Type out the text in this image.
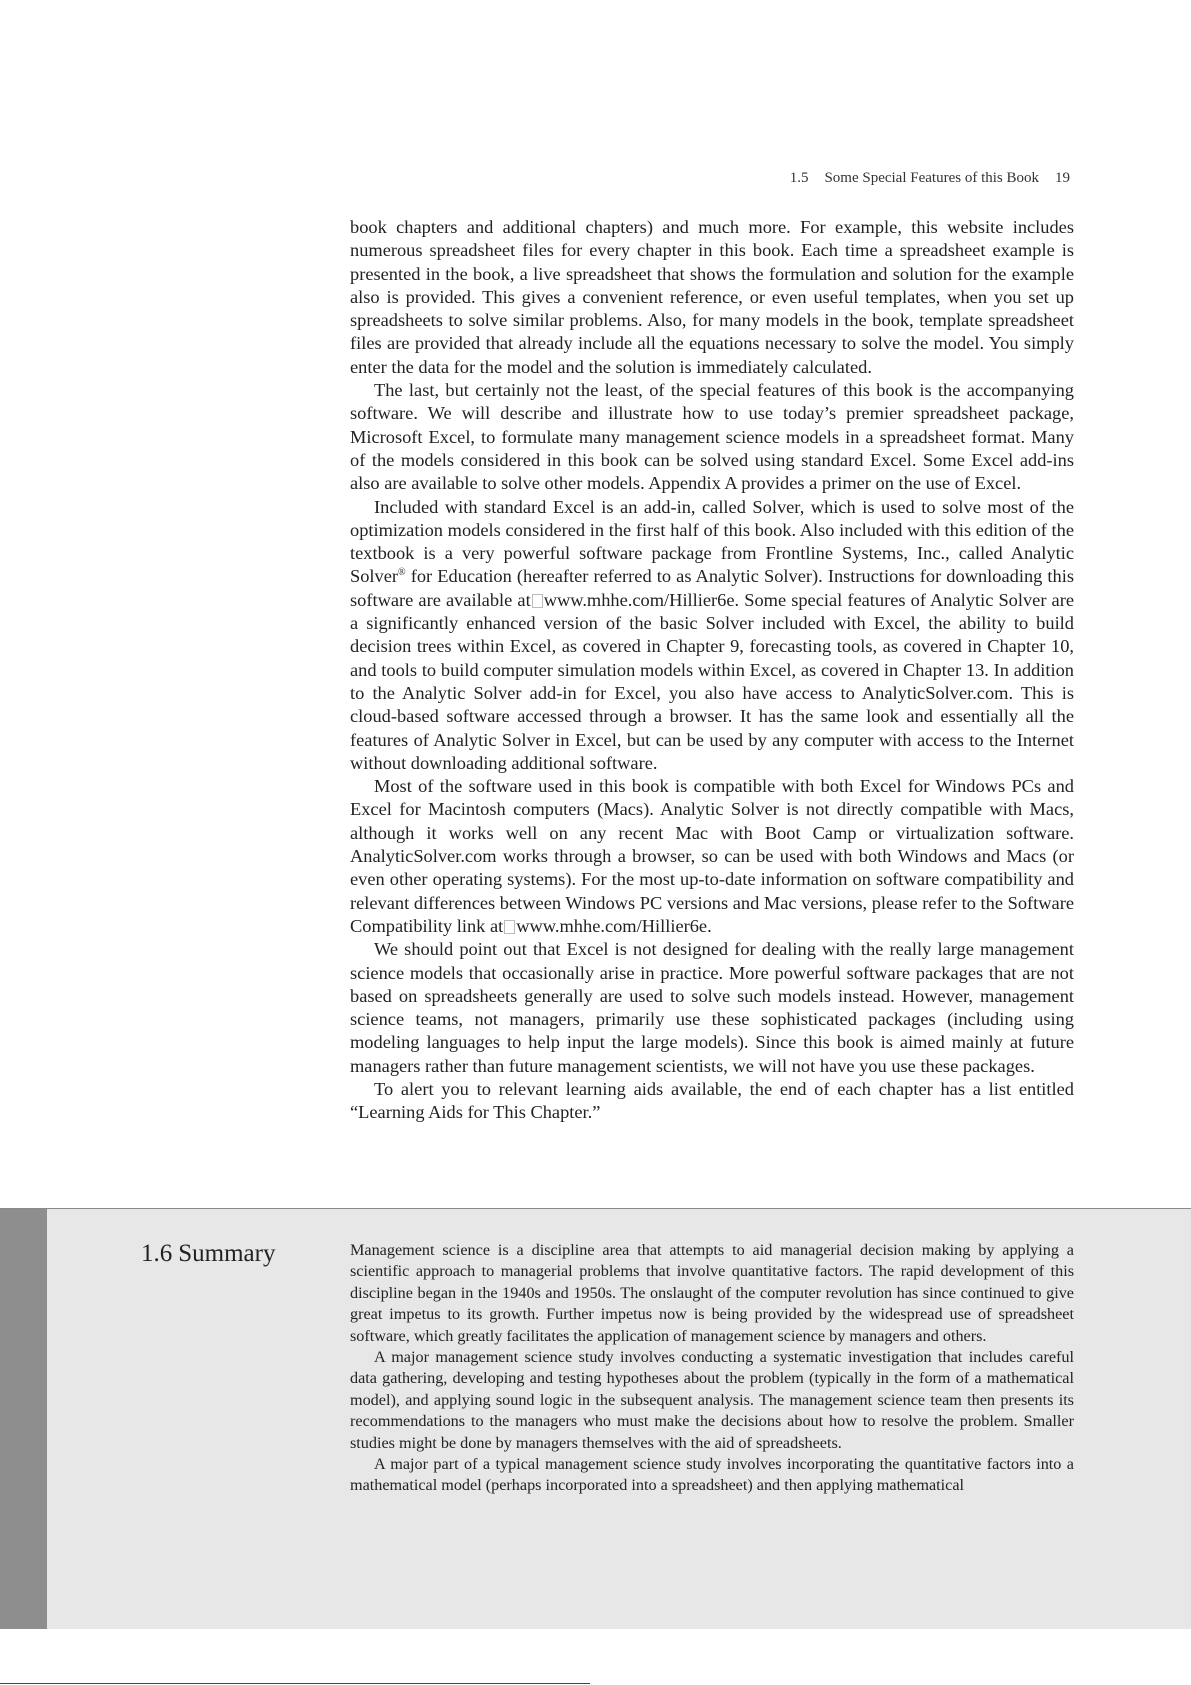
1.5 Some Special Features of this Book 19

book chapters and additional chapters) and much more. For example, this website includes numerous spreadsheet files for every chapter in this book. Each time a spreadsheet example is presented in the book, a live spreadsheet that shows the formulation and solution for the example also is provided. This gives a convenient reference, or even useful templates, when you set up spreadsheets to solve similar problems. Also, for many models in the book, template spreadsheet files are provided that already include all the equations necessary to solve the model. You simply enter the data for the model and the solution is immediately calculated.

The last, but certainly not the least, of the special features of this book is the accompanying software. We will describe and illustrate how to use today’s premier spreadsheet package, Microsoft Excel, to formulate many management science models in a spreadsheet format. Many of the models considered in this book can be solved using standard Excel. Some Excel add-ins also are available to solve other models. Appendix A provides a primer on the use of Excel.

Included with standard Excel is an add-in, called Solver, which is used to solve most of the optimization models considered in the first half of this book. Also included with this edition of the textbook is a very powerful software package from Frontline Systems, Inc., called Analytic Solver® for Education (hereafter referred to as Analytic Solver). Instructions for downloading this software are available at www.mhhe.com/Hillier6e. Some special features of Analytic Solver are a significantly enhanced version of the basic Solver included with Excel, the ability to build decision trees within Excel, as covered in Chapter 9, forecasting tools, as covered in Chapter 10, and tools to build computer simulation models within Excel, as covered in Chapter 13. In addition to the Analytic Solver add-in for Excel, you also have access to AnalyticSolver.com. This is cloud-based software accessed through a browser. It has the same look and essentially all the features of Analytic Solver in Excel, but can be used by any computer with access to the Internet without downloading additional software.

Most of the software used in this book is compatible with both Excel for Windows PCs and Excel for Macintosh computers (Macs). Analytic Solver is not directly compatible with Macs, although it works well on any recent Mac with Boot Camp or virtualization software. AnalyticSolver.com works through a browser, so can be used with both Windows and Macs (or even other operating systems). For the most up-to-date information on software compatibility and relevant differences between Windows PC versions and Mac versions, please refer to the Software Compatibility link at www.mhhe.com/Hillier6e.

We should point out that Excel is not designed for dealing with the really large management science models that occasionally arise in practice. More powerful software packages that are not based on spreadsheets generally are used to solve such models instead. However, management science teams, not managers, primarily use these sophisticated packages (including using modeling languages to help input the large models). Since this book is aimed mainly at future managers rather than future management scientists, we will not have you use these packages.

To alert you to relevant learning aids available, the end of each chapter has a list entitled “Learning Aids for This Chapter.”

1.6 Summary	Management science is a discipline area that attempts to aid managerial decision making by applying a scientific approach to managerial problems that involve quantitative factors. The rapid development of this discipline began in the 1940s and 1950s. The onslaught of the computer revolution has since continued to give great impetus to its growth. Further impetus now is being provided by the widespread use of spreadsheet software, which greatly facilitates the application of management science by managers and others.

A major management science study involves conducting a systematic investigation that includes careful data gathering, developing and testing hypotheses about the problem (typically in the form of a mathematical model), and applying sound logic in the subsequent analysis. The management science team then presents its recommendations to the managers who must make the decisions about how to resolve the problem. Smaller studies might be done by managers themselves with the aid of spreadsheets.

A major part of a typical management science study involves incorporating the quantitative factors into a mathematical model (perhaps incorporated into a spreadsheet) and then applying mathematical
